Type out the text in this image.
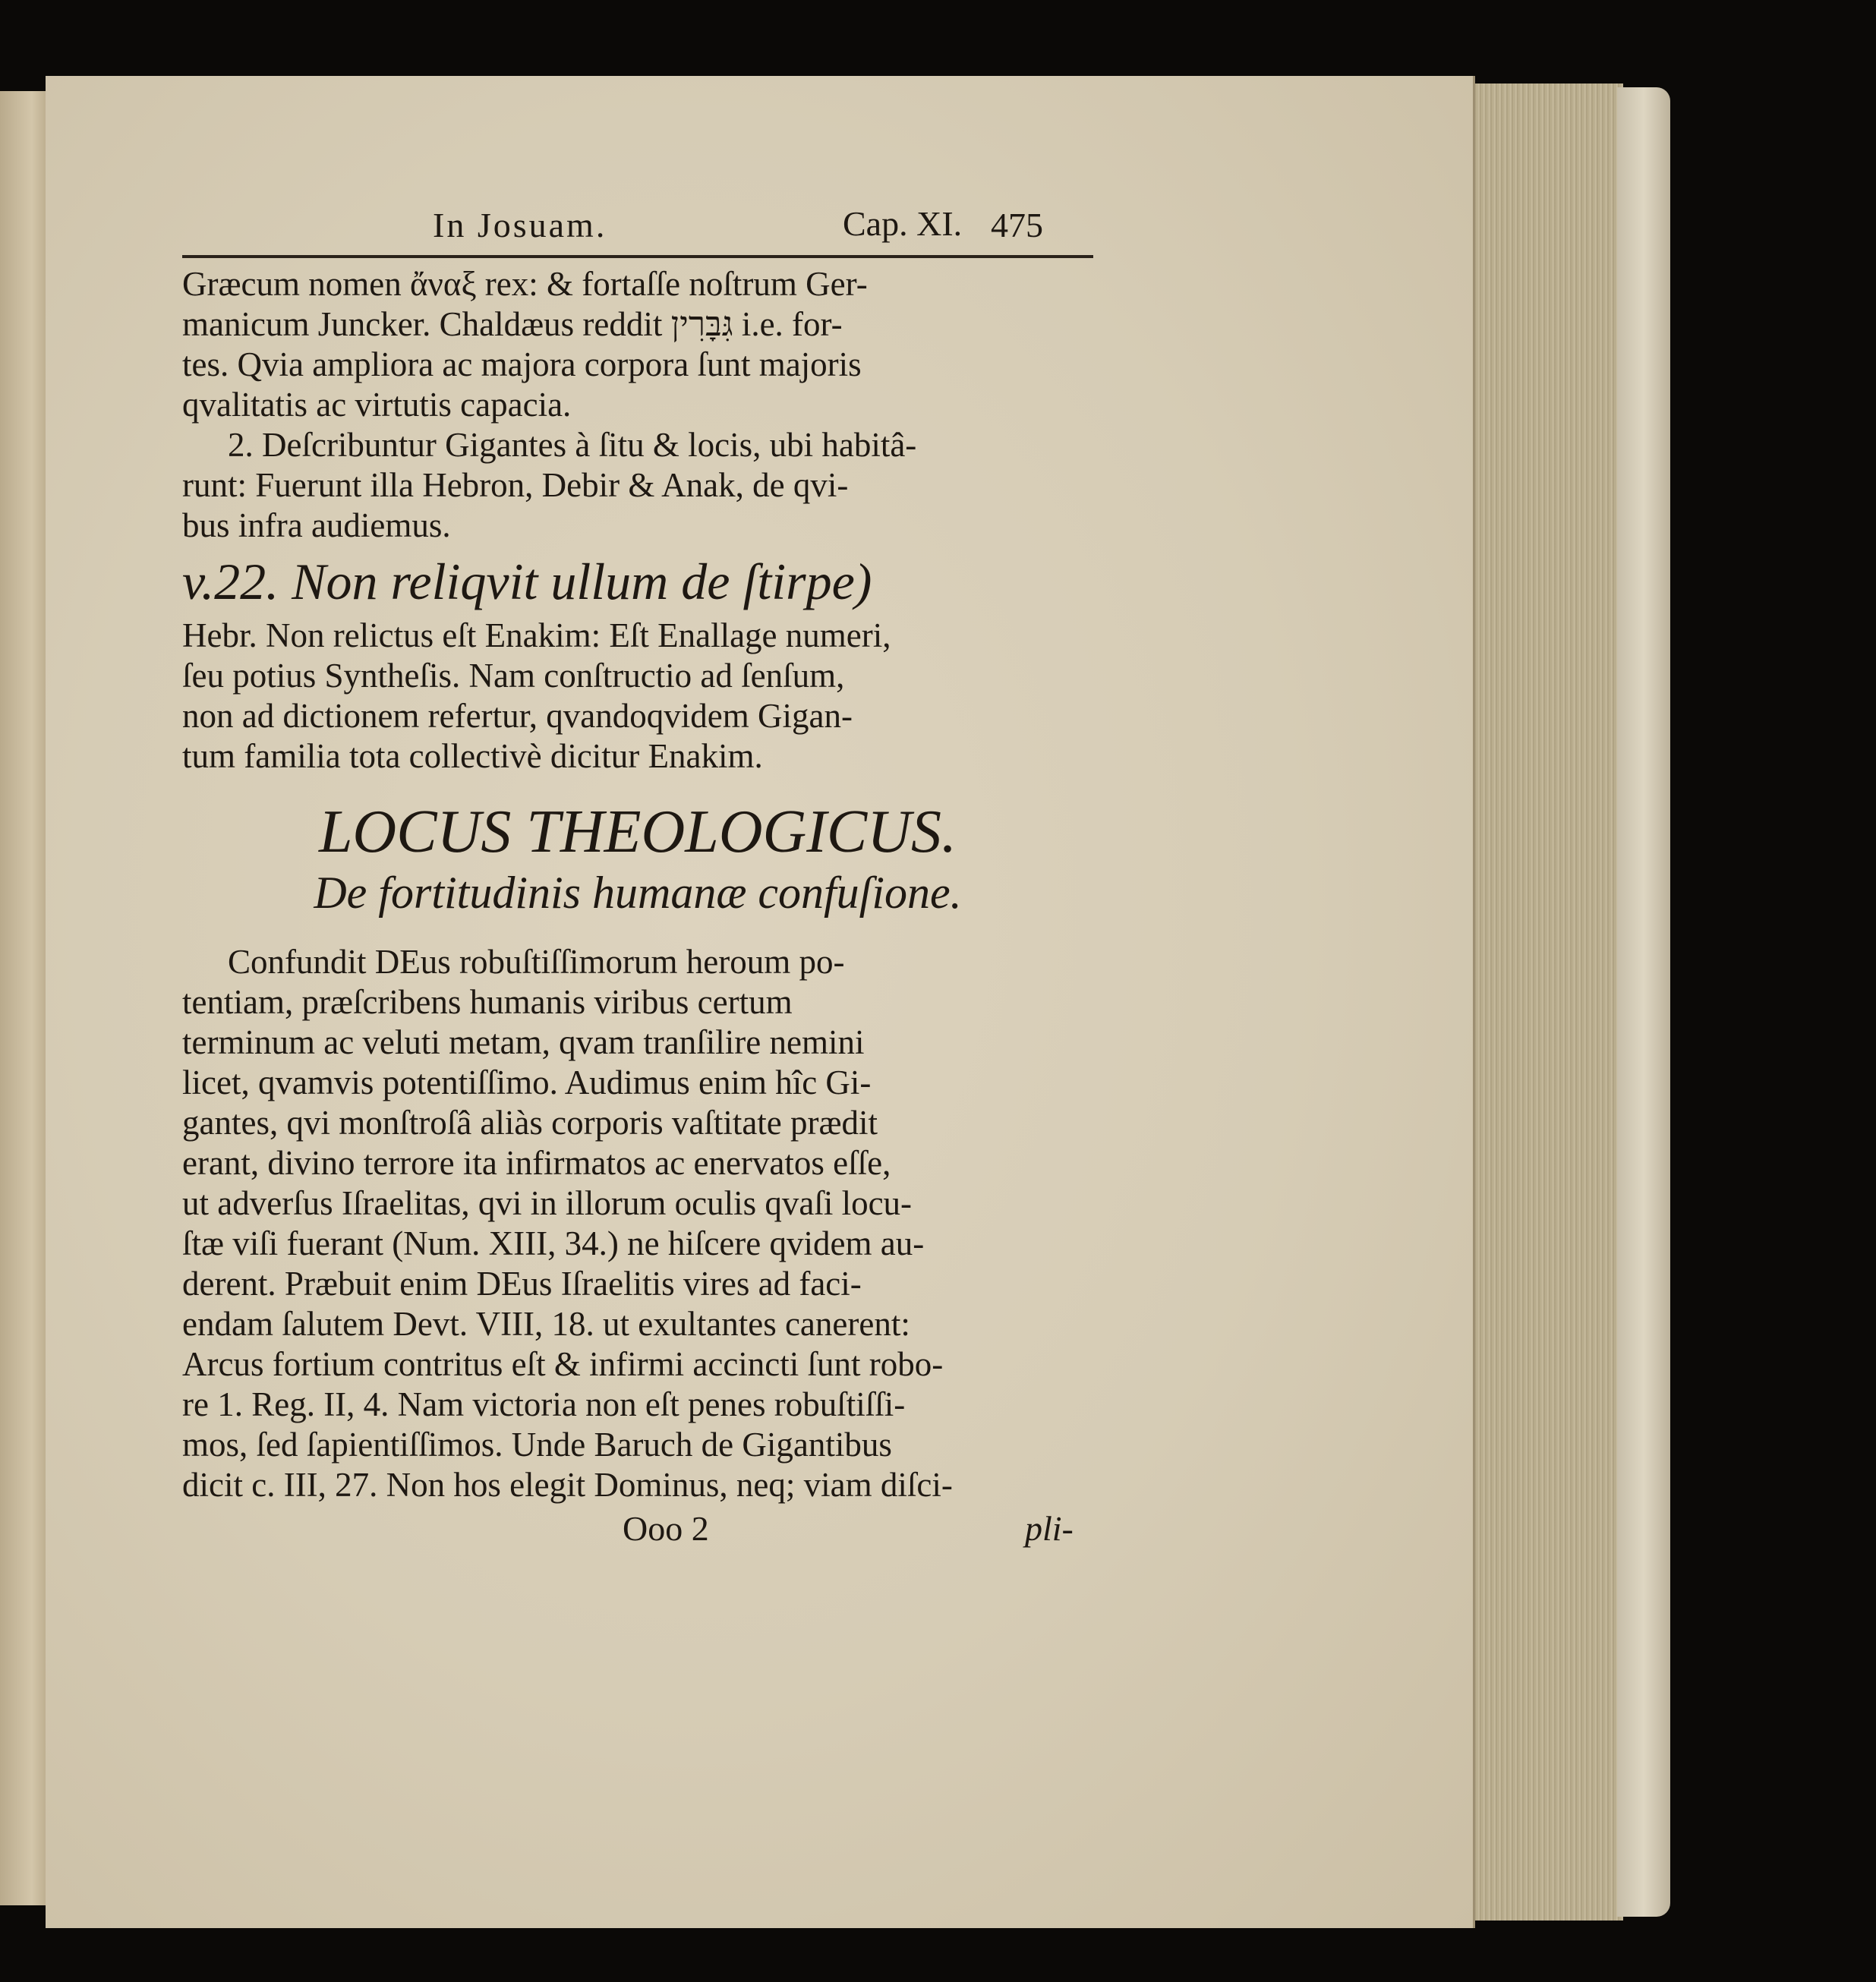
In Josuam.	Cap. XI. 475
Græcum nomen ἄναξ rex: & fortaſſe noſtrum Ger-
manicum Juncker. Chaldæus reddit גִּבָּרִין i.e. for-
tes. Qvia ampliora ac majora corpora ſunt majoris
qvalitatis ac virtutis capacia.
2. Deſcribuntur Gigantes à ſitu & locis, ubi habitâ-
runt: Fuerunt illa Hebron, Debir & Anak, de qvi-
bus infra audiemus.
v.22. Non reliqvit ullum de ſtirpe)
Hebr. Non relictus eſt Enakim: Eſt Enallage numeri,
ſeu potius Syntheſis. Nam conſtructio ad ſenſum,
non ad dictionem refertur, qvandoqvidem Gigan-
tum familia tota collectivè dicitur Enakim.
LOCUS THEOLOGICUS.
De fortitudinis humanæ confuſione.
Confundit DEus robuſtiſſimorum heroum po-
tentiam, præſcribens humanis viribus certum
terminum ac veluti metam, qvam tranſilire nemini
licet, qvamvis potentiſſimo. Audimus enim hîc Gi-
gantes, qvi monſtroſâ aliàs corporis vaſtitate prædit
erant, divino terrore ita infirmatos ac enervatos eſſe,
ut adverſus Iſraelitas, qvi in illorum oculis qvaſi locu-
ſtæ viſi fuerant (Num. XIII, 34.) ne hiſcere qvidem au-
derent. Præbuit enim DEus Iſraelitis vires ad faci-
endam ſalutem Devt. VIII, 18. ut exultantes canerent:
Arcus fortium contritus eſt & infirmi accincti ſunt robo-
re 1. Reg. II, 4. Nam victoria non eſt penes robuſtiſſi-
mos, ſed ſapientiſſimos. Unde Baruch de Gigantibus
dicit c. III, 27. Non hos elegit Dominus, neq; viam diſci-
Ooo 2	pli-
